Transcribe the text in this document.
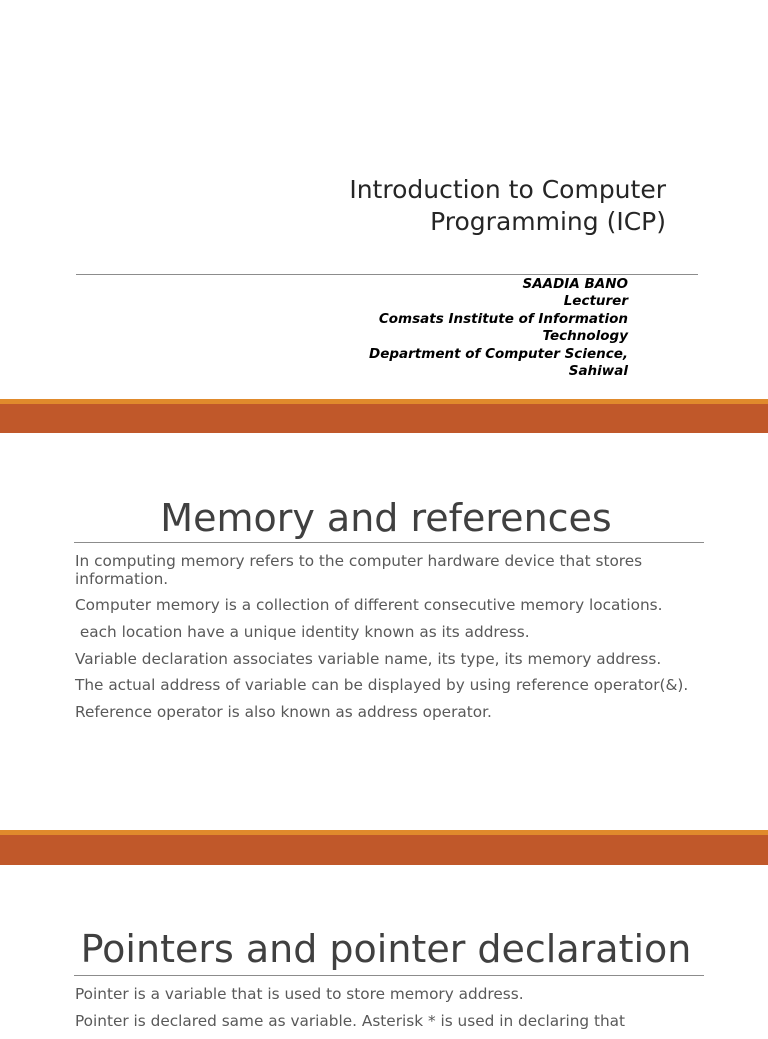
Introduction to Computer
Programming (ICP)
SAADIA BANO
Lecturer
Comsats Institute of Information
Technology
Department of Computer Science,
Sahiwal
Memory and references

In computing memory refers to the computer hardware device that stores information.

Computer memory is a collection of different consecutive memory locations.

each location have a unique identity known as its address.

Variable declaration associates variable name, its type, its memory address.

The actual address of variable can be displayed by using reference operator(&).

Reference operator is also known as address operator.

Pointers and pointer declaration

Pointer is a variable that is used to store memory address.

Pointer is declared same as variable. Asterisk * is used in declaring that
